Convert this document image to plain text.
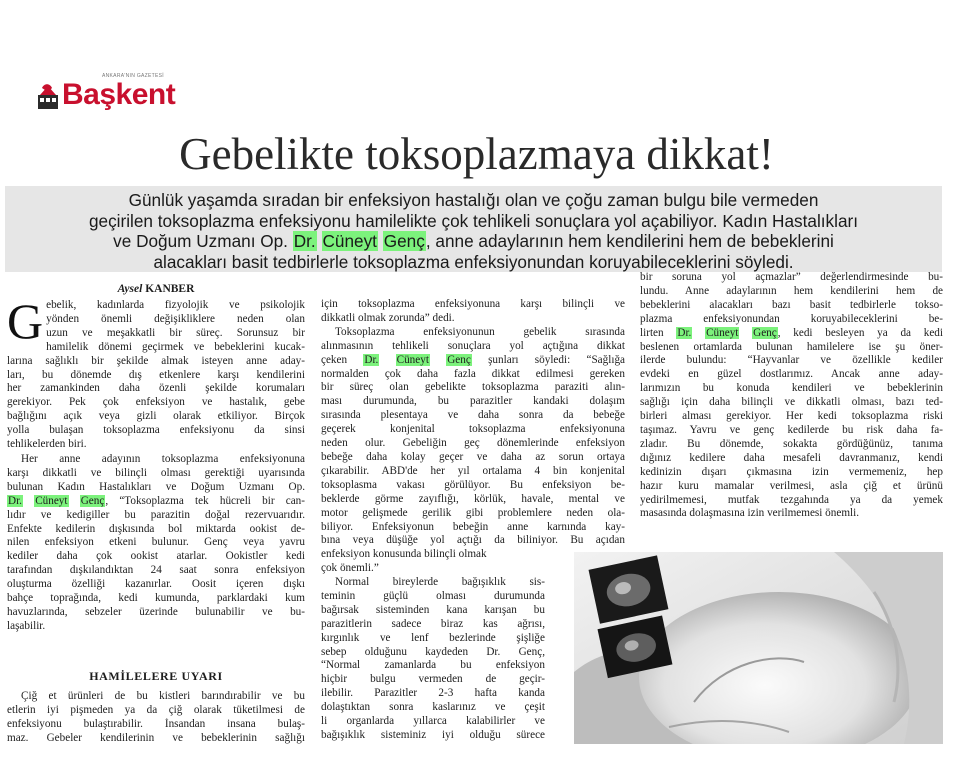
Başkent
ANKARA'NIN GAZETESİ
Gebelikte toksoplazmaya dikkat!

Günlük yaşamda sıradan bir enfeksiyon hastalığı olan ve çoğu zaman bulgu bile vermeden

geçirilen toksoplazma enfeksiyonu hamilelikte çok tehlikeli sonuçlara yol açabiliyor. Kadın Hastalıkları

ve Doğum Uzmanı Op. Dr. Cüneyt Genç, anne adaylarının hem kendilerini hem de bebeklerini

alacakları basit tedbirlerle toksoplazma enfeksiyonundan koruyabileceklerini söyledi.

Aysel KANBER
G ebelik, kadınlarda fizyolojik ve psikolojik
yönden önemli değişikliklere neden olan
uzun ve meşakkatli bir süreç. Sorunsuz bir
hamilelik dönemi geçirmek ve bebeklerini kucak-
larına sağlıklı bir şekilde almak isteyen anne aday-
ları, bu dönemde dış etkenlere karşı kendilerini
her zamankinden daha özenli şekilde korumaları
gerekiyor. Pek çok enfeksiyon ve hastalık, gebe
bağlığını açık veya gizli olarak etkiliyor. Birçok
yolla bulaşan toksoplazma enfeksiyonu da sinsi
tehlikelerden biri.
Her anne adayının toksoplazma enfeksiyonuna
karşı dikkatli ve bilinçli olması gerektiği uyarısında
bulunan Kadın Hastalıkları ve Doğum Uzmanı Op.
Dr. Cüneyt Genç, “Toksoplazma tek hücreli bir can-
lıdır ve kedigiller bu parazitin doğal rezervuarıdır.
Enfekte kedilerin dışkısında bol miktarda ookist de-
nilen enfeksiyon etkeni bulunur. Genç veya yavru
kediler daha çok ookist atarlar. Ookistler kedi
tarafından dışkılandıktan 24 saat sonra enfeksiyon
oluşturma özelliği kazanırlar. Oosit içeren dışkı
bahçe toprağında, kedi kumunda, parklardaki kum
havuzlarında, sebzeler üzerinde bulunabilir ve bu-
laşabilir.
HAMİLELERE UYARI
Çiğ et ürünleri de bu kistleri barındırabilir ve bu
etlerin iyi pişmeden ya da çiğ olarak tüketilmesi de
enfeksiyonu bulaştırabilir. İnsandan insana bulaş-
maz. Gebeler kendilerinin ve bebeklerinin sağlığı
için toksoplazma enfeksiyonuna karşı bilinçli ve
dikkatli olmak zorunda” dedi.
Toksoplazma enfeksiyonunun gebelik sırasında
alınmasının tehlikeli sonuçlara yol açtığına dikkat
çeken Dr. Cüneyt Genç şunları söyledi: “Sağlığa
normalden çok daha fazla dikkat edilmesi gereken
bir süreç olan gebelikte toksoplazma paraziti alın-
ması durumunda, bu parazitler kandaki dolaşım
sırasında plesentaya ve daha sonra da bebeğe
geçerek konjenital toksoplazma enfeksiyonuna
neden olur. Gebeliğin geç dönemlerinde enfeksiyon
bebeğe daha kolay geçer ve daha az sorun ortaya
çıkarabilir. ABD'de her yıl ortalama 4 bin konjenital
toksoplasma vakası görülüyor. Bu enfeksiyon be-
beklerde görme zayıflığı, körlük, havale, mental ve
motor gelişmede gerilik gibi problemlere neden ola-
biliyor. Enfeksiyonun bebeğin anne karnında kay-
bına veya düşüğe yol açtığı da biliniyor. Bu açıdan
enfeksiyon konusunda bilinçli olmak
çok önemli.”
Normal bireylerde bağışıklık sis-
teminin güçlü olması durumunda
bağırsak sisteminden kana karışan bu
parazitlerin sadece biraz kas ağrısı,
kırgınlık ve lenf bezlerinde şişliğe
sebep olduğunu kaydeden Dr. Genç,
“Normal zamanlarda bu enfeksiyon
hiçbir bulgu vermeden de geçir-
ilebilir. Parazitler 2-3 hafta kanda
dolaştıktan sonra kaslarınız ve çeşit
li organlarda yıllarca kalabilirler ve
bağışıklık sisteminiz iyi olduğu sürece
bir soruna yol açmazlar” değerlendirmesinde bu-
lundu. Anne adaylarının hem kendilerini hem de
bebeklerini alacakları bazı basit tedbirlerle tokso-
plazma enfeksiyonundan koruyabileceklerini be-
lirten Dr. Cüneyt Genç, kedi besleyen ya da kedi
beslenen ortamlarda bulunan hamilelere ise şu öner-
ilerde bulundu: “Hayvanlar ve özellikle kediler
evdeki en güzel dostlarımız. Ancak anne aday-
larımızın bu konuda kendileri ve bebeklerinin
sağlığı için daha bilinçli ve dikkatli olması, bazı ted-
birleri alması gerekiyor. Her kedi toksoplazma riski
taşımaz. Yavru ve genç kedilerde bu risk daha fa-
zladır. Bu dönemde, sokakta gördüğünüz, tanıma
dığınız kedilere daha mesafeli davranmanız, kendi
kedinizin dışarı çıkmasına izin vermemeniz, hep
hazır kuru mamalar verilmesi, asla çiğ et ürünü
yedirilmemesi, mutfak tezgahında ya da yemek
masasında dolaşmasına izin verilmemesi önemli.
